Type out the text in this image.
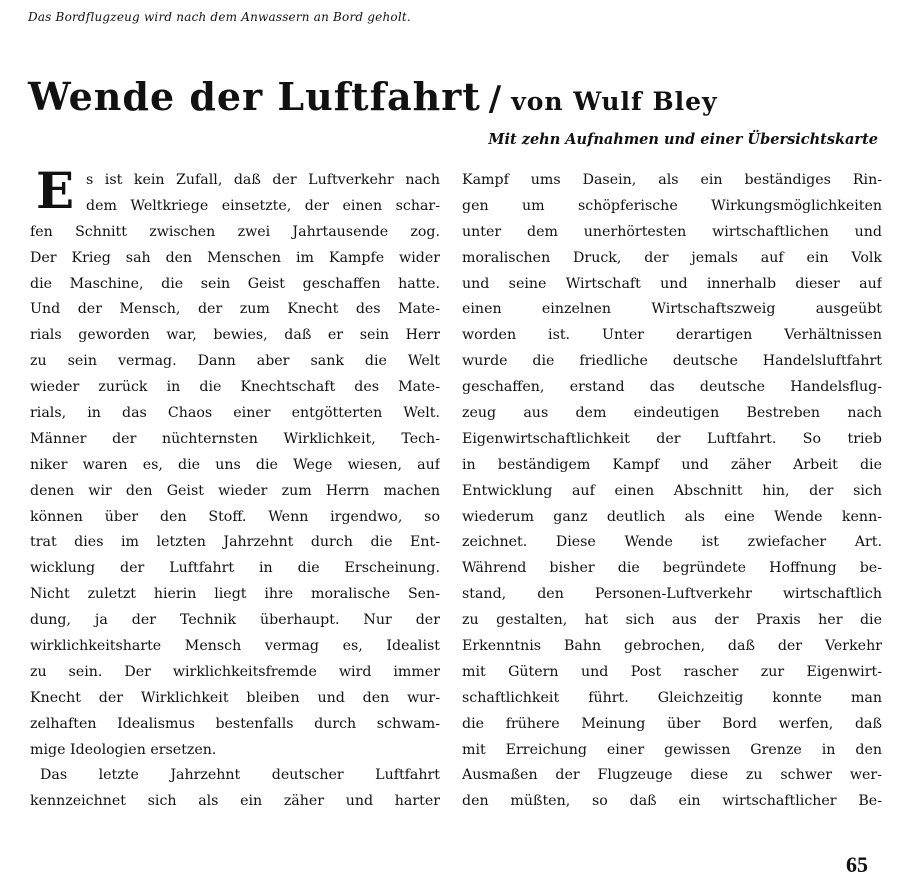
Das Bordflugzeug wird nach dem Anwassern an Bord geholt.
Wende der Luftfahrt / von Wulf Bley
Mit zehn Aufnahmen und einer Übersichtskarte
E s ist kein Zufall, daß der Luftverkehr nach
dem Weltkriege einsetzte, der einen schar-
fen Schnitt zwischen zwei Jahrtausende zog.
Der Krieg sah den Menschen im Kampfe wider
die Maschine, die sein Geist geschaffen hatte.
Und der Mensch, der zum Knecht des Mate-
rials geworden war, bewies, daß er sein Herr
zu sein vermag. Dann aber sank die Welt
wieder zurück in die Knechtschaft des Mate-
rials, in das Chaos einer entgötterten Welt.
Männer der nüchternsten Wirklichkeit, Tech-
niker waren es, die uns die Wege wiesen, auf
denen wir den Geist wieder zum Herrn machen
können über den Stoff. Wenn irgendwo, so
trat dies im letzten Jahrzehnt durch die Ent-
wicklung der Luftfahrt in die Erscheinung.
Nicht zuletzt hierin liegt ihre moralische Sen-
dung, ja der Technik überhaupt. Nur der
wirklichkeitsharte Mensch vermag es, Idealist
zu sein. Der wirklichkeitsfremde wird immer
Knecht der Wirklichkeit bleiben und den wur-
zelhaften Idealismus bestenfalls durch schwam-
mige Ideologien ersetzen.
Das letzte Jahrzehnt deutscher Luftfahrt
kennzeichnet sich als ein zäher und harter
Kampf ums Dasein, als ein beständiges Rin-
gen um schöpferische Wirkungsmöglichkeiten
unter dem unerhörtesten wirtschaftlichen und
moralischen Druck, der jemals auf ein Volk
und seine Wirtschaft und innerhalb dieser auf
einen einzelnen Wirtschaftszweig ausgeübt
worden ist. Unter derartigen Verhältnissen
wurde die friedliche deutsche Handelsluftfahrt
geschaffen, erstand das deutsche Handelsflug-
zeug aus dem eindeutigen Bestreben nach
Eigenwirtschaftlichkeit der Luftfahrt. So trieb
in beständigem Kampf und zäher Arbeit die
Entwicklung auf einen Abschnitt hin, der sich
wiederum ganz deutlich als eine Wende kenn-
zeichnet. Diese Wende ist zwiefacher Art.
Während bisher die begründete Hoffnung be-
stand, den Personen-Luftverkehr wirtschaftlich
zu gestalten, hat sich aus der Praxis her die
Erkenntnis Bahn gebrochen, daß der Verkehr
mit Gütern und Post rascher zur Eigenwirt-
schaftlichkeit führt. Gleichzeitig konnte man
die frühere Meinung über Bord werfen, daß
mit Erreichung einer gewissen Grenze in den
Ausmaßen der Flugzeuge diese zu schwer wer-
den müßten, so daß ein wirtschaftlicher Be-
65
